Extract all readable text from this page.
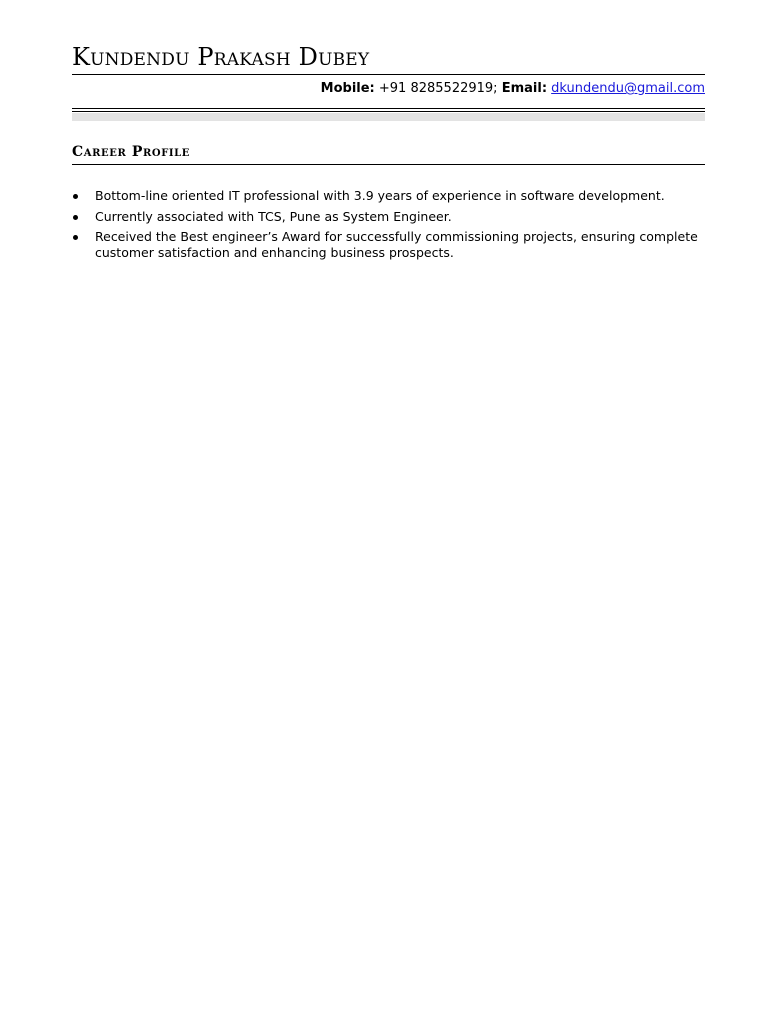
Kundendu Prakash Dubey
Mobile: +91 8285522919; Email: dkundendu@gmail.com
Career Profile
Bottom-line oriented IT professional with 3.9 years of experience in software development.
Currently associated with TCS, Pune as System Engineer.
Received the Best engineer’s Award for successfully commissioning projects, ensuring complete customer satisfaction and enhancing business prospects.
